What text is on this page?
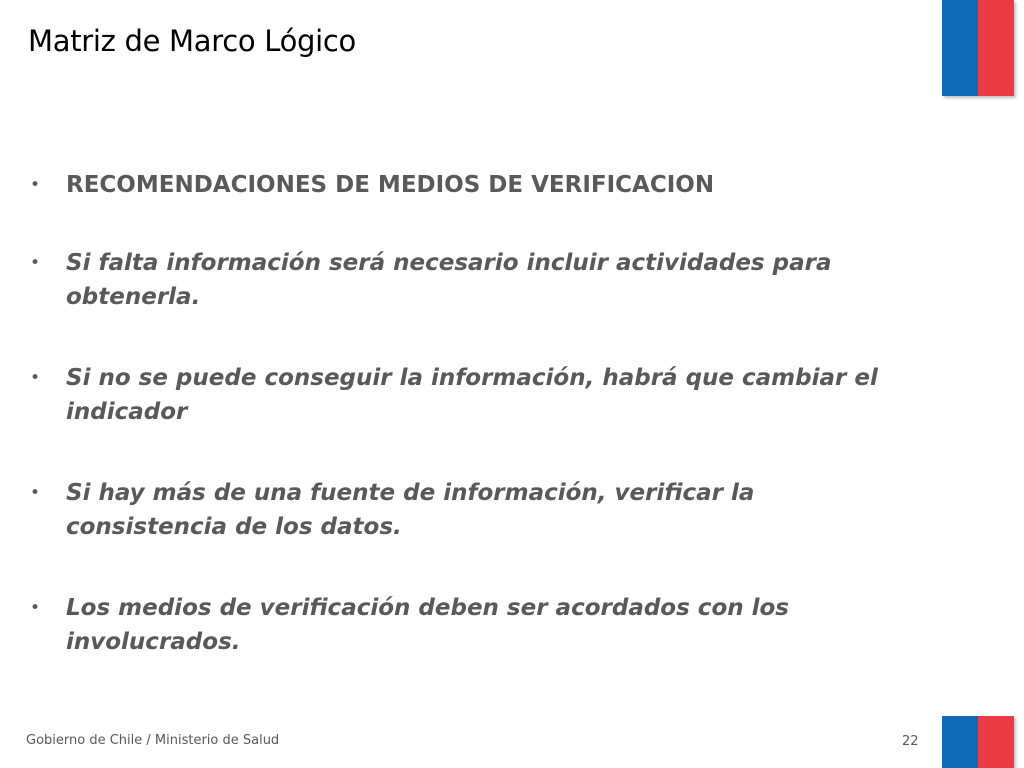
Matriz de Marco Lógico
• RECOMENDACIONES DE MEDIOS DE VERIFICACION
• Si falta información será necesario incluir actividades para obtenerla.
• Si no se puede conseguir la información, habrá que cambiar el indicador
• Si hay más de una fuente de información, verificar la consistencia de los datos.
• Los medios de verificación deben ser acordados con los involucrados.
Gobierno de Chile / Ministerio de Salud	22
